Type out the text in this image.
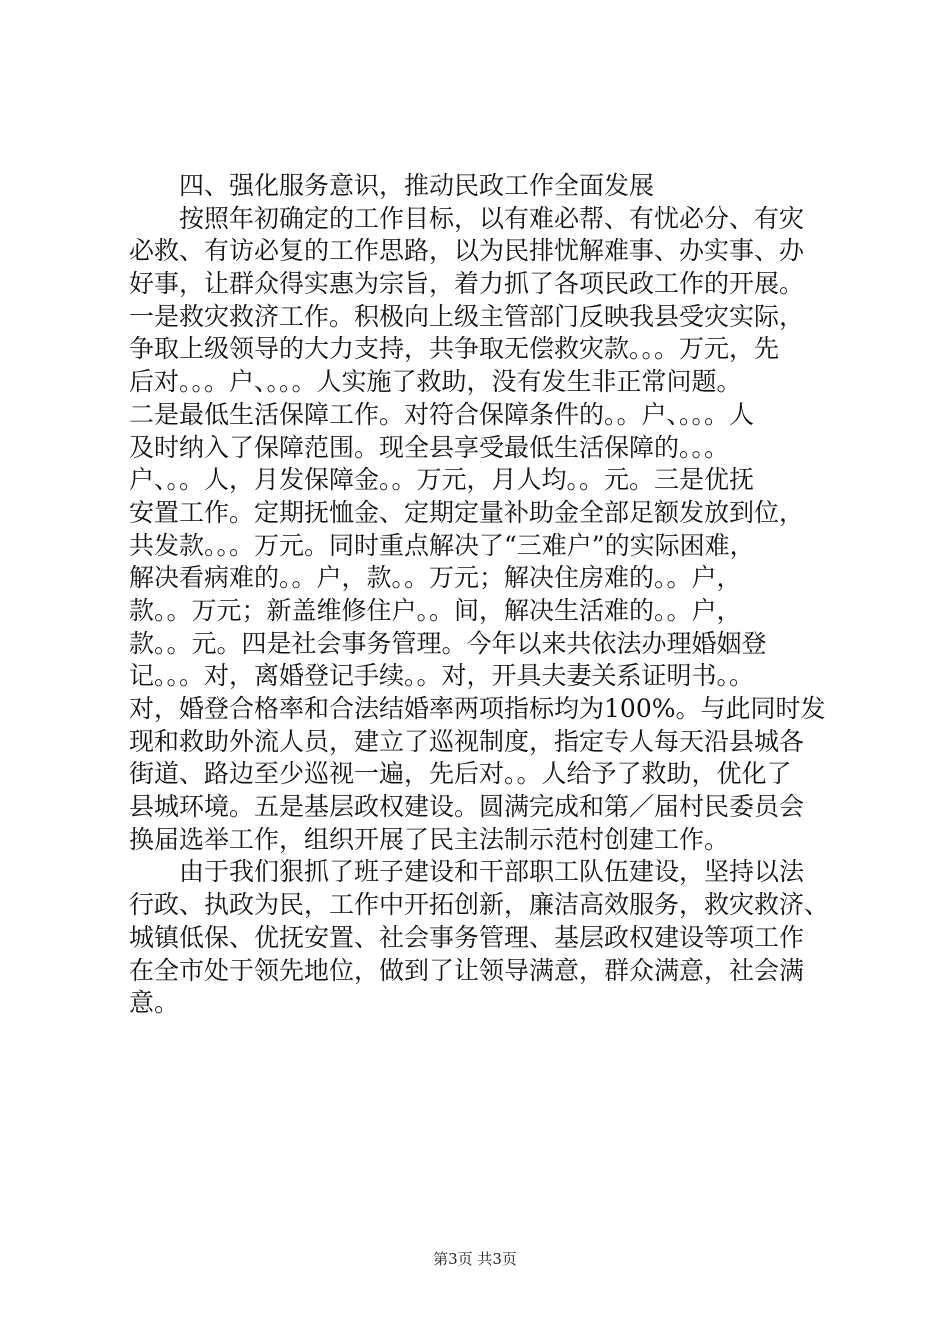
　　四、强化服务意识，推动民政工作全面发展
　　按照年初确定的工作目标，以有难必帮、有忧必分、有灾
必救、有访必复的工作思路，以为民排忧解难事、办实事、办
好事，让群众得实惠为宗旨，着力抓了各项民政工作的开展。
一是救灾救济工作。积极向上级主管部门反映我县受灾实际，
争取上级领导的大力支持，共争取无偿救灾款。。。万元，先
后对。。。户、。。。人实施了救助，没有发生非正常问题。
二是最低生活保障工作。对符合保障条件的。。户、。。。人
及时纳入了保障范围。现全县享受最低生活保障的。。。
户、。。人，月发保障金。。万元，月人均。。元。三是优抚
安置工作。定期抚恤金、定期定量补助金全部足额发放到位，
共发款。。。万元。同时重点解决了“三难户”的实际困难，
解决看病难的。。户，款。。万元；解决住房难的。。户，
款。。万元；新盖维修住户。。间，解决生活难的。。户，
款。。元。四是社会事务管理。今年以来共依法办理婚姻登
记。。。对，离婚登记手续。。对，开具夫妻关系证明书。。
对，婚登合格率和合法结婚率两项指标均为100%。与此同时发
现和救助外流人员，建立了巡视制度，指定专人每天沿县城各
街道、路边至少巡视一遍，先后对。。人给予了救助，优化了
县城环境。五是基层政权建设。圆满完成和第／届村民委员会
换届选举工作，组织开展了民主法制示范村创建工作。
　　由于我们狠抓了班子建设和干部职工队伍建设，坚持以法
行政、执政为民，工作中开拓创新，廉洁高效服务，救灾救济、
城镇低保、优抚安置、社会事务管理、基层政权建设等项工作
在全市处于领先地位，做到了让领导满意，群众满意，社会满
意。
第3页 共3页
